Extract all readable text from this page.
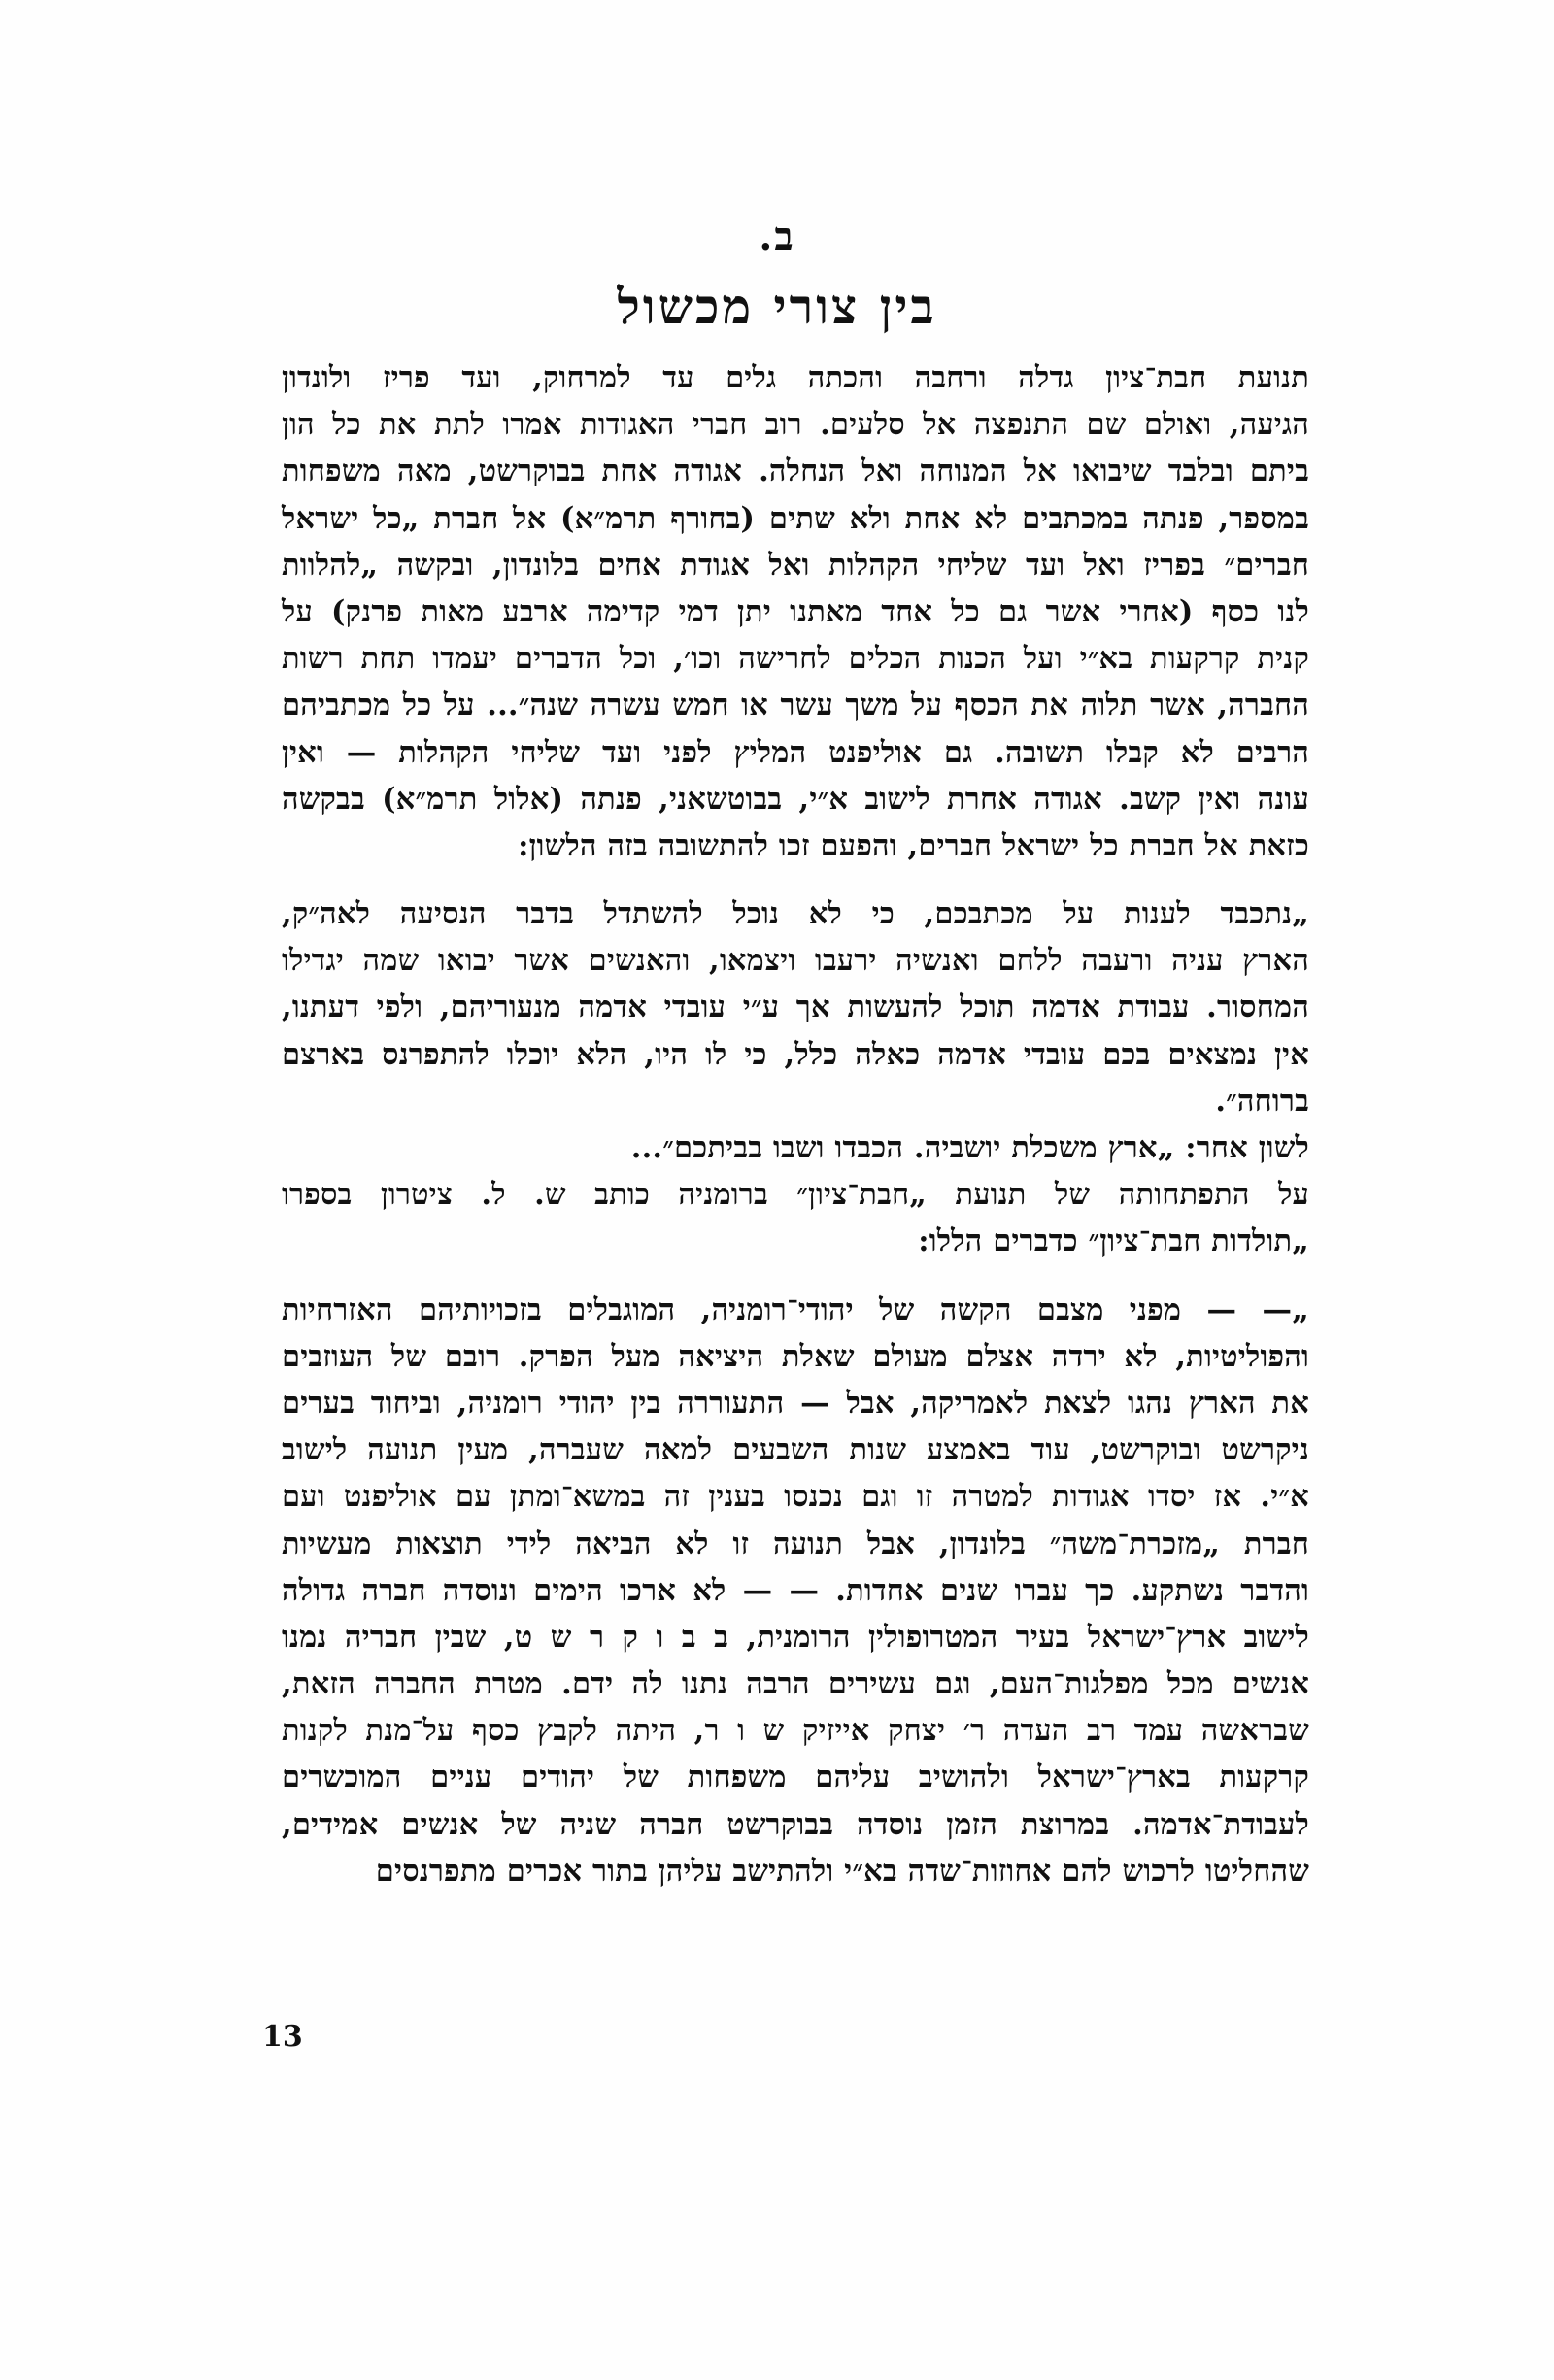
ב.
בין צורי מכשול
תנועת חבת־ציון גדלה ורחבה והכתה גלים עד למרחוק, ועד פריז ולונדון
הגיעה, ואולם שם התנפצה אל סלעים. רוב חברי האגודות אמרו לתת את כל הון
ביתם ובלבד שיבואו אל המנוחה ואל הנחלה. אגודה אחת בבוקרשט, מאה משפחות
במספר, פנתה במכתבים לא אחת ולא שתים (בחורף תרמ״א) אל חברת „כל ישראל
חברים״ בפריז ואל ועד שליחי הקהלות ואל אגודת אחים בלונדון, ובקשה „להלוות
לנו כסף (אחרי אשר גם כל אחד מאתנו יתן דמי קדימה ארבע מאות פרנק) על
קנית קרקעות בא״י ועל הכנות הכלים לחרישה וכו׳, וכל הדברים יעמדו תחת רשות
החברה, אשר תלוה את הכסף על משך עשר או חמש עשרה שנה״... על כל מכתביהם
הרבים לא קבלו תשובה. גם אוליפנט המליץ לפני ועד שליחי הקהלות — ואין
עונה ואין קשב. אגודה אחרת לישוב א״י, בבוטשאני, פנתה (אלול תרמ״א) בבקשה
כזאת אל חברת כל ישראל חברים, והפעם זכו להתשובה בזה הלשון:
„נתכבד לענות על מכתבכם, כי לא נוכל להשתדל בדבר הנסיעה לאה״ק,
הארץ עניה ורעבה ללחם ואנשיה ירעבו ויצמאו, והאנשים אשר יבואו שמה יגדילו
המחסור. עבודת אדמה תוכל להעשות אך ע״י עובדי אדמה מנעוריהם, ולפי דעתנו,
אין נמצאים בכם עובדי אדמה כאלה כלל, כי לו היו, הלא יוכלו להתפרנס בארצם
ברוחה״.
לשון אחר: „ארץ משכלת יושביה. הכבדו ושבו בביתכם״...
על התפתחותה של תנועת „חבת־ציון״ ברומניה כותב ש. ל. ציטרון בספרו
„תולדות חבת־ציון״ כדברים הללו:
„— — מפני מצבם הקשה של יהודי־רומניה, המוגבלים בזכויותיהם האזרחיות
והפוליטיות, לא ירדה אצלם מעולם שאלת היציאה מעל הפרק. רובם של העוזבים
את הארץ נהגו לצאת לאמריקה, אבל — התעוררה בין יהודי רומניה, וביחוד בערים
ניקרשט ובוקרשט, עוד באמצע שנות השבעים למאה שעברה, מעין תנועה לישוב
א״י. אז יסדו אגודות למטרה זו וגם נכנסו בענין זה במשא־ומתן עם אוליפנט ועם
חברת „מזכרת־משה״ בלונדון, אבל תנועה זו לא הביאה לידי תוצאות מעשיות
והדבר נשתקע. כך עברו שנים אחדות. — — לא ארכו הימים ונוסדה חברה גדולה
לישוב ארץ־ישראל בעיר המטרופולין הרומנית, ב ב ו ק ר ש ט, שבין חבריה נמנו
אנשים מכל מפלגות־העם, וגם עשירים הרבה נתנו לה ידם. מטרת החברה הזאת,
שבראשה עמד רב העדה ר׳ יצחק אייזיק ש ו ר, היתה לקבץ כסף על־מנת לקנות
קרקעות בארץ־ישראל ולהושיב עליהם משפחות של יהודים עניים המוכשרים
לעבודת־אדמה. במרוצת הזמן נוסדה בבוקרשט חברה שניה של אנשים אמידים,
שהחליטו לרכוש להם אחוזות־שדה בא״י ולהתישב עליהן בתור אכרים מתפרנסים
13
